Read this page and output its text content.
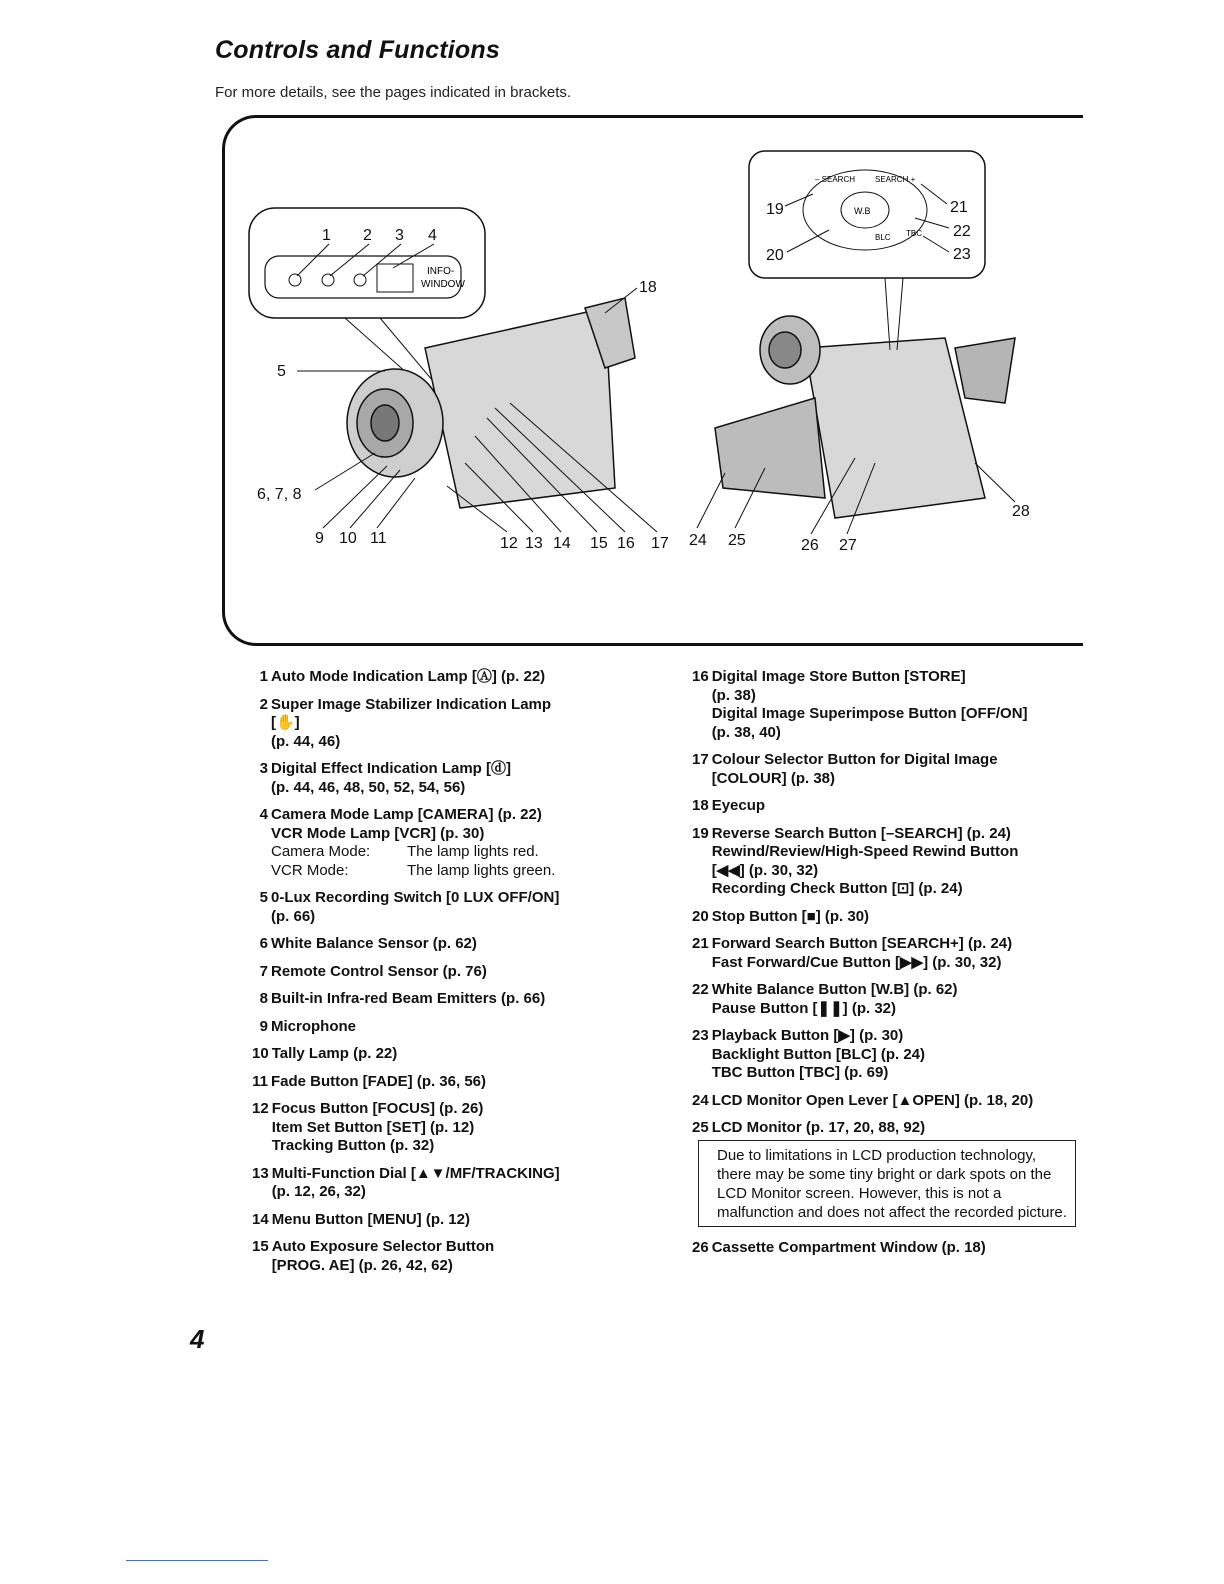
Controls and Functions
For more details, see the pages indicated in brackets.
1 2 3 4
INFO-
WINDOW
– SEARCH SEARCH +
W.B
BLC TBC
19
20
21
22
23
5
6, 7, 8
9 10 11	12 13 14 15 16 17
18
24 25	26 27
28
1 Auto Mode Indication Lamp [Ⓐ] (p. 22)
2 Super Image Stabilizer Indication Lamp
[✋]
(p. 44, 46)
3 Digital Effect Indication Lamp [ⓓ]
(p. 44, 46, 48, 50, 52, 54, 56)
4 Camera Mode Lamp [CAMERA] (p. 22)
VCR Mode Lamp [VCR] (p. 30)
Camera Mode: The lamp lights red.
VCR Mode:	The lamp lights green.
5 0-Lux Recording Switch [0 LUX OFF/ON]
(p. 66)
6 White Balance Sensor (p. 62)
7 Remote Control Sensor (p. 76)
8 Built-in Infra-red Beam Emitters (p. 66)
9 Microphone
10 Tally Lamp (p. 22)
11 Fade Button [FADE] (p. 36, 56)
12 Focus Button [FOCUS] (p. 26)
Item Set Button [SET] (p. 12)
Tracking Button (p. 32)
13 Multi-Function Dial [▲▼/MF/TRACKING]
(p. 12, 26, 32)
14 Menu Button [MENU] (p. 12)
15 Auto Exposure Selector Button
[PROG. AE] (p. 26, 42, 62)
16 Digital Image Store Button [STORE]
(p. 38)
Digital Image Superimpose Button [OFF/ON]
(p. 38, 40)
17 Colour Selector Button for Digital Image
[COLOUR] (p. 38)
18 Eyecup
19 Reverse Search Button [–SEARCH] (p. 24)
Rewind/Review/High-Speed Rewind Button
[◀◀] (p. 30, 32)
Recording Check Button [⊡] (p. 24)
20 Stop Button [■] (p. 30)
21 Forward Search Button [SEARCH+] (p. 24)
Fast Forward/Cue Button [▶▶] (p. 30, 32)
22 White Balance Button [W.B] (p. 62)
Pause Button [❚❚] (p. 32)
23 Playback Button [▶] (p. 30)
Backlight Button [BLC] (p. 24)
TBC Button [TBC] (p. 69)
24 LCD Monitor Open Lever [▲OPEN] (p. 18, 20)
25 LCD Monitor (p. 17, 20, 88, 92)
Due to limitations in LCD production technology, there may be some tiny bright or dark spots on the LCD Monitor screen. However, this is not a malfunction and does not affect the recorded picture.
26 Cassette Compartment Window (p. 18)
4
